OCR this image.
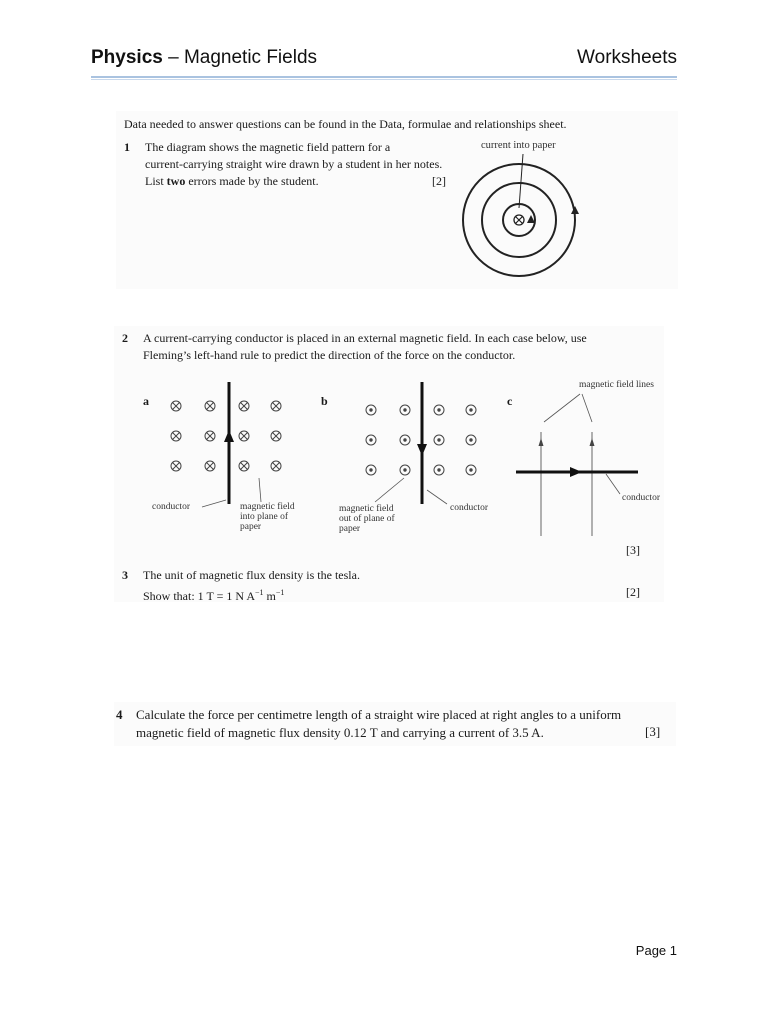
Physics – Magnetic Fields	Worksheets
Data needed to answer questions can be found in the Data, formulae and relationships sheet.
1 The diagram shows the magnetic field pattern for a
current-carrying straight wire drawn by a student in her notes.
List two errors made by the student.	[2]
current into paper
2 A current-carrying conductor is placed in an external magnetic field. In each case below, use
Fleming’s left-hand rule to predict the direction of the force on the conductor.
a	b	c
conductor	magnetic field
into plane of
paper
magnetic field
out of plane of
paper
conductor
magnetic field lines
conductor
[3]
3 The unit of magnetic flux density is the tesla.
Show that: 1 T = 1 N $A^{-1}$ $m^{-1}$	[2]
4 Calculate the force per centimetre length of a straight wire placed at right angles to a uniform
magnetic field of magnetic flux density 0.12 T and carrying a current of 3.5 A.	[3]
Page 1
